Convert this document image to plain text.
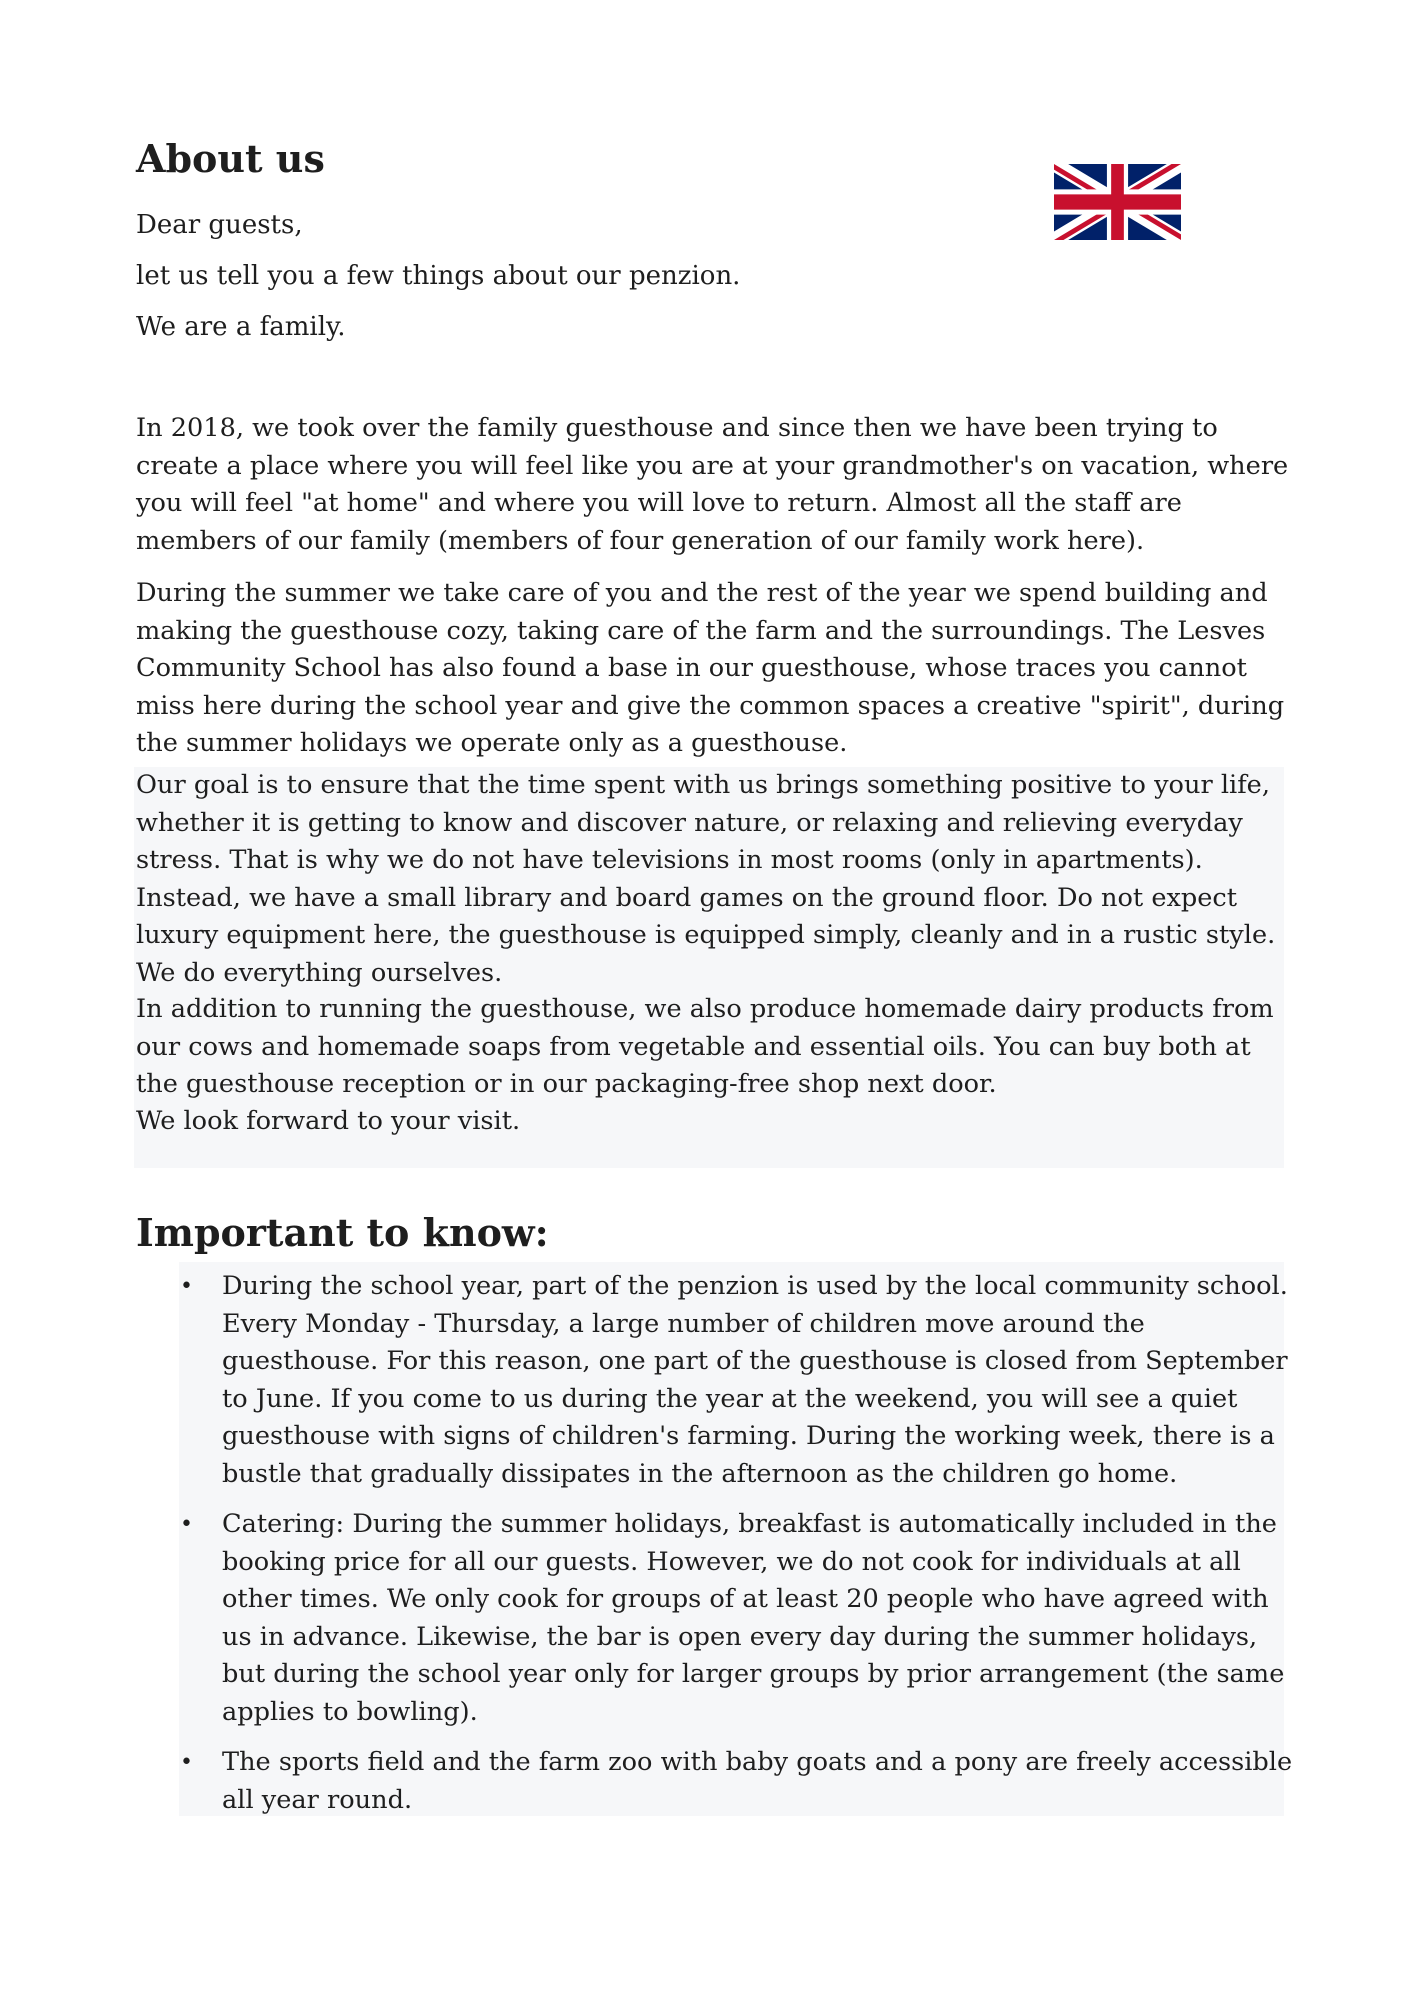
About us

Dear guests,

let us tell you a few things about our penzion.

We are a family.

In 2018, we took over the family guesthouse and since then we have been trying to create a place where you will feel like you are at your grandmother's on vacation, where you will feel "at home" and where you will love to return. Almost all the staff are members of our family (members of four generation of our family work here).

During the summer we take care of you and the rest of the year we spend building and making the guesthouse cozy, taking care of the farm and the surroundings. The Lesves Community School has also found a base in our guesthouse, whose traces you cannot miss here during the school year and give the common spaces a creative "spirit", during the summer holidays we operate only as a guesthouse.

Our goal is to ensure that the time spent with us brings something positive to your life, whether it is getting to know and discover nature, or relaxing and relieving everyday stress. That is why we do not have televisions in most rooms (only in apartments). Instead, we have a small library and board games on the ground floor. Do not expect luxury equipment here, the guesthouse is equipped simply, cleanly and in a rustic style. We do everything ourselves.

In addition to running the guesthouse, we also produce homemade dairy products from our cows and homemade soaps from vegetable and essential oils. You can buy both at the guesthouse reception or in our packaging-free shop next door.

We look forward to your visit.

Important to know:
• During the school year, part of the penzion is used by the local community school. Every Monday - Thursday, a large number of children move around the guesthouse. For this reason, one part of the guesthouse is closed from September to June. If you come to us during the year at the weekend, you will see a quiet guesthouse with signs of children's farming. During the working week, there is a bustle that gradually dissipates in the afternoon as the children go home.
• Catering: During the summer holidays, breakfast is automatically included in the booking price for all our guests. However, we do not cook for individuals at all other times. We only cook for groups of at least 20 people who have agreed with us in advance. Likewise, the bar is open every day during the summer holidays, but during the school year only for larger groups by prior arrangement (the same applies to bowling).
• The sports field and the farm zoo with baby goats and a pony are freely accessible all year round.
